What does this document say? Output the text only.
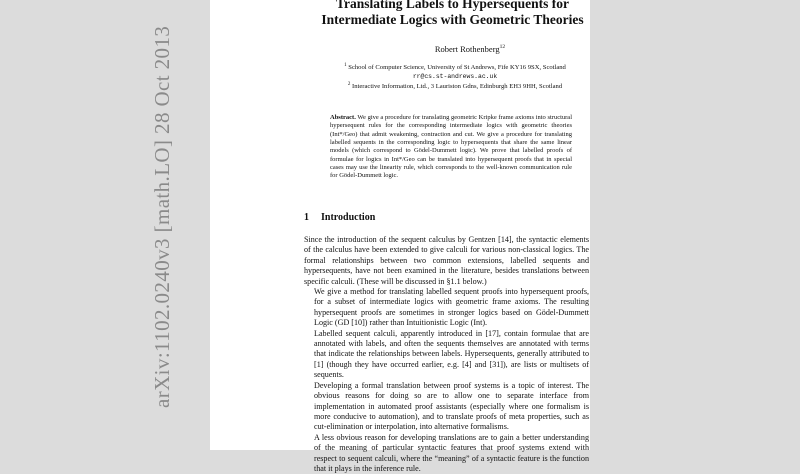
Translating Labels to Hypersequents for Intermediate Logics with Geometric Theories
Robert Rothenberg$^{12}$
$^1$ School of Computer Science, University of St Andrews, Fife KY16 9SX, Scotland
rr@cs.st-andrews.ac.uk
$^2$ Interactive Information, Ltd., 3 Lauriston Gdns, Edinburgh EH3 9HH, Scotland

Abstract. We give a procedure for translating geometric Kripke frame axioms into structural hypersequent rules for the corresponding intermediate logics with geometric theories (Int*/Geo) that admit weakening, contraction and cut. We give a procedure for translating labelled sequents in the corresponding logic to hypersequents that share the same linear models (which correspond to Gödel-Dummett logic). We prove that labelled proofs of formulae for logics in Int*/Geo can be translated into hypersequent proofs that in special cases may use the linearity rule, which corresponds to the well-known communication rule for Gödel-Dummett logic.

1 Introduction
Since the introduction of the sequent calculus by Gentzen [14], the syntactic elements of the calculus have been extended to give calculi for various non-classical logics. The formal relationships between two common extensions, labelled sequents and hypersequents, have not been examined in the literature, besides translations between specific calculi. (These will be discussed in §1.1 below.)
We give a method for translating labelled sequent proofs into hypersequent proofs, for a subset of intermediate logics with geometric frame axioms. The resulting hypersequent proofs are sometimes in stronger logics based on Gödel-Dummett Logic (GD [10]) rather than Intuitionistic Logic (Int).
Labelled sequent calculi, apparently introduced in [17], contain formulae that are annotated with labels, and often the sequents themselves are annotated with terms that indicate the relationships between labels. Hypersequents, generally attributed to [1] (though they have occurred earlier, e.g. [4] and [31]), are lists or multisets of sequents.
Developing a formal translation between proof systems is a topic of interest. The obvious reasons for doing so are to allow one to separate interface from implementation in automated proof assistants (especially where one formalism is more conducive to automation), and to translate proofs of meta properties, such as cut-elimination or interpolation, into alternative formalisms.
A less obvious reason for developing translations are to gain a better understanding of the meaning of particular syntactic features that proof systems extend with respect to sequent calculi, where the “meaning” of a syntactic feature is the function that it plays in the inference rule.
arXiv:1102.0240v3 [math.LO] 28 Oct 2013
